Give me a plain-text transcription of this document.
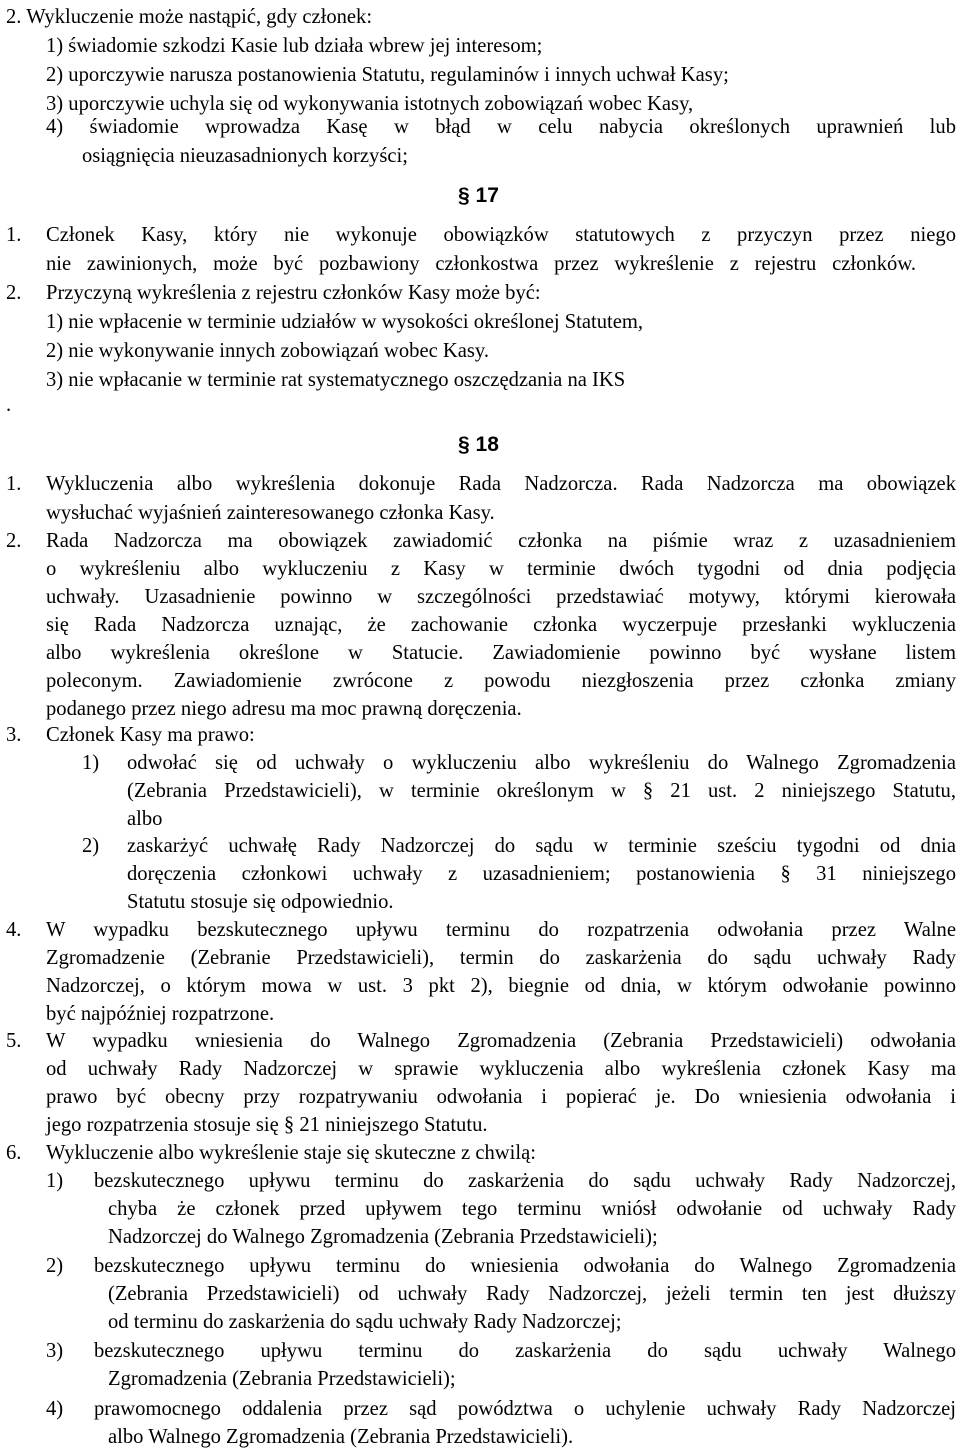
2. Wykluczenie może nastąpić, gdy członek:
1) świadomie szkodzi Kasie lub działa wbrew jej interesom;
2) uporczywie narusza postanowienia Statutu, regulaminów i innych uchwał Kasy;
3) uporczywie uchyla się od wykonywania istotnych zobowiązań wobec Kasy,
4) świadomie wprowadza Kasę w błąd w celu nabycia określonych uprawnień lub
osiągnięcia nieuzasadnionych korzyści;
§ 17
1. Członek Kasy, który nie wykonuje obowiązków statutowych z przyczyn przez niego
nie zawinionych, może być pozbawiony członkostwa przez wykreślenie z rejestru członków.
2. Przyczyną wykreślenia z rejestru członków Kasy może być:
1) nie wpłacenie w terminie udziałów w wysokości określonej Statutem,
2) nie wykonywanie innych zobowiązań wobec Kasy.
3) nie wpłacanie w terminie rat systematycznego oszczędzania na IKS
.
§ 18
1. Wykluczenia albo wykreślenia dokonuje Rada Nadzorcza. Rada Nadzorcza ma obowiązek
wysłuchać wyjaśnień zainteresowanego członka Kasy.
2. Rada Nadzorcza ma obowiązek zawiadomić członka na piśmie wraz z uzasadnieniem
o wykreśleniu albo wykluczeniu z Kasy w terminie dwóch tygodni od dnia podjęcia
uchwały. Uzasadnienie powinno w szczególności przedstawiać motywy, którymi kierowała
się Rada Nadzorcza uznając, że zachowanie członka wyczerpuje przesłanki wykluczenia
albo wykreślenia określone w Statucie. Zawiadomienie powinno być wysłane listem
poleconym. Zawiadomienie zwrócone z powodu niezgłoszenia przez członka zmiany
podanego przez niego adresu ma moc prawną doręczenia.
3. Członek Kasy ma prawo:
1) odwołać się od uchwały o wykluczeniu albo wykreśleniu do Walnego Zgromadzenia
(Zebrania Przedstawicieli), w terminie określonym w § 21 ust. 2 niniejszego Statutu,
albo
2) zaskarżyć uchwałę Rady Nadzorczej do sądu w terminie sześciu tygodni od dnia
doręczenia członkowi uchwały z uzasadnieniem; postanowienia § 31 niniejszego
Statutu stosuje się odpowiednio.
4. W wypadku bezskutecznego upływu terminu do rozpatrzenia odwołania przez Walne
Zgromadzenie (Zebranie Przedstawicieli), termin do zaskarżenia do sądu uchwały Rady
Nadzorczej, o którym mowa w ust. 3 pkt 2), biegnie od dnia, w którym odwołanie powinno
być najpóźniej rozpatrzone.
5. W wypadku wniesienia do Walnego Zgromadzenia (Zebrania Przedstawicieli) odwołania
od uchwały Rady Nadzorczej w sprawie wykluczenia albo wykreślenia członek Kasy ma
prawo być obecny przy rozpatrywaniu odwołania i popierać je. Do wniesienia odwołania i
jego rozpatrzenia stosuje się § 21 niniejszego Statutu.
6. Wykluczenie albo wykreślenie staje się skuteczne z chwilą:
1) bezskutecznego upływu terminu do zaskarżenia do sądu uchwały Rady Nadzorczej,
chyba że członek przed upływem tego terminu wniósł odwołanie od uchwały Rady
Nadzorczej do Walnego Zgromadzenia (Zebrania Przedstawicieli);
2) bezskutecznego upływu terminu do wniesienia odwołania do Walnego Zgromadzenia
(Zebrania Przedstawicieli) od uchwały Rady Nadzorczej, jeżeli termin ten jest dłuższy
od terminu do zaskarżenia do sądu uchwały Rady Nadzorczej;
3) bezskutecznego upływu terminu do zaskarżenia do sądu uchwały Walnego
Zgromadzenia (Zebrania Przedstawicieli);
4) prawomocnego oddalenia przez sąd powództwa o uchylenie uchwały Rady Nadzorczej
albo Walnego Zgromadzenia (Zebrania Przedstawicieli).
